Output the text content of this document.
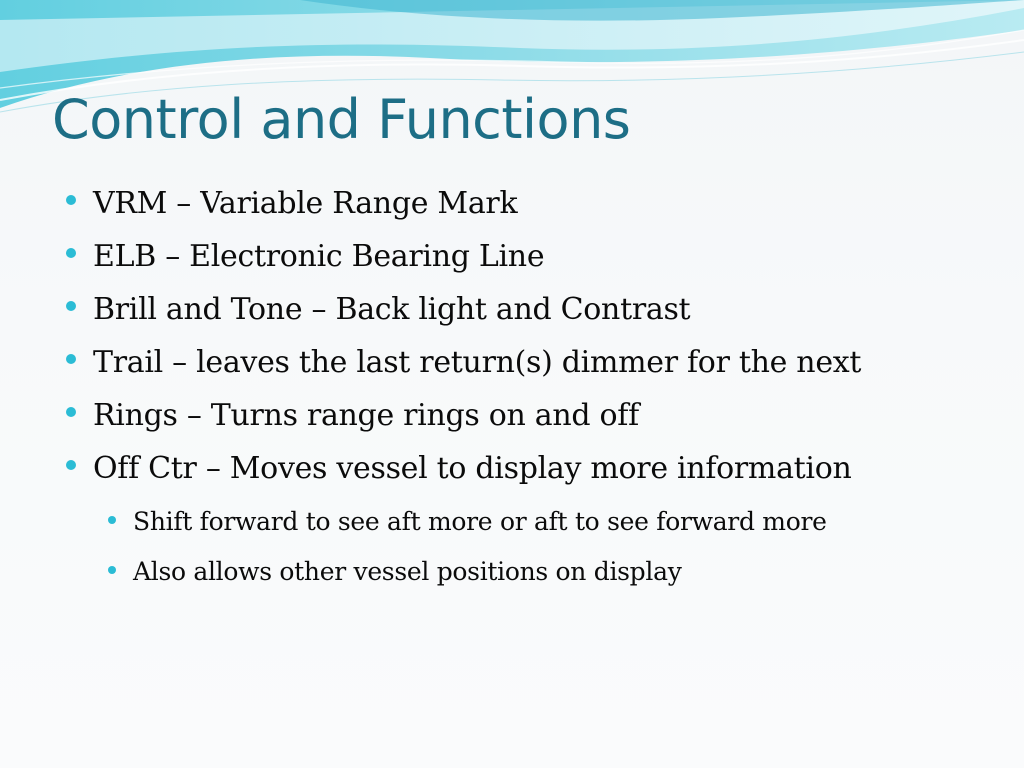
Control and Functions
VRM – Variable Range Mark
ELB – Electronic Bearing Line
Brill and Tone – Back light and Contrast
Trail – leaves the last return(s) dimmer for the next
Rings – Turns range rings on and off
Off Ctr – Moves vessel to display more information
Shift forward to see aft more or aft to see forward more
Also allows other vessel positions on display
